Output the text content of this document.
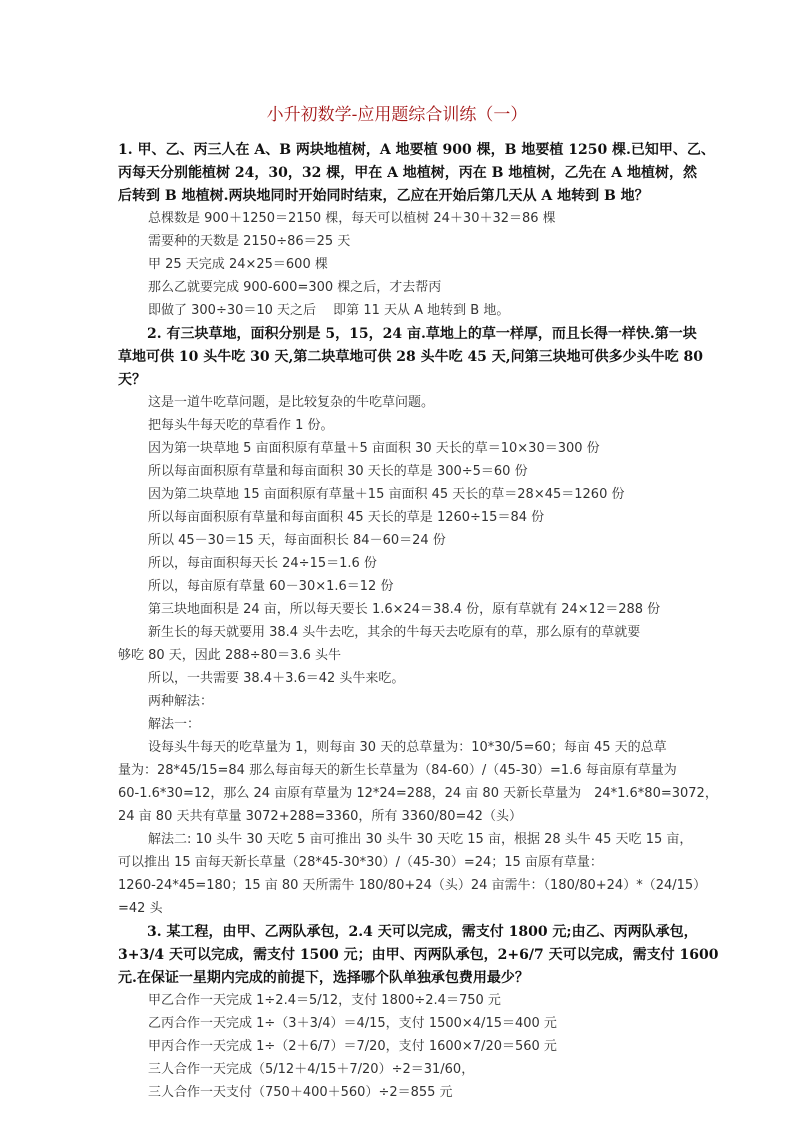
小升初数学-应用题综合训练（一）
1. 甲、乙、丙三人在 A、B 两块地植树，A 地要植 900 棵，B 地要植 1250 棵.已知甲、乙、
丙每天分别能植树 24，30，32 棵，甲在 A 地植树，丙在 B 地植树，乙先在 A 地植树，然
后转到 B 地植树.两块地同时开始同时结束，乙应在开始后第几天从 A 地转到 B 地？
总棵数是 900＋1250＝2150 棵，每天可以植树 24＋30＋32＝86 棵
需要种的天数是 2150÷86＝25 天
甲 25 天完成 24×25＝600 棵
那么乙就要完成 900-600=300 棵之后，才去帮丙
即做了 300÷30＝10 天之后　 即第 11 天从 A 地转到 B 地。
2. 有三块草地，面积分别是 5，15，24 亩.草地上的草一样厚，而且长得一样快.第一块
草地可供 10 头牛吃 30 天,第二块草地可供 28 头牛吃 45 天,问第三块地可供多少头牛吃 80
天？
这是一道牛吃草问题，是比较复杂的牛吃草问题。
把每头牛每天吃的草看作 1 份。
因为第一块草地 5 亩面积原有草量＋5 亩面积 30 天长的草＝10×30＝300 份
所以每亩面积原有草量和每亩面积 30 天长的草是 300÷5＝60 份
因为第二块草地 15 亩面积原有草量＋15 亩面积 45 天长的草＝28×45＝1260 份
所以每亩面积原有草量和每亩面积 45 天长的草是 1260÷15＝84 份
所以 45－30＝15 天，每亩面积长 84－60＝24 份
所以，每亩面积每天长 24÷15＝1.6 份
所以，每亩原有草量 60－30×1.6＝12 份
第三块地面积是 24 亩，所以每天要长 1.6×24＝38.4 份，原有草就有 24×12＝288 份
新生长的每天就要用 38.4 头牛去吃，其余的牛每天去吃原有的草，那么原有的草就要
够吃 80 天，因此 288÷80＝3.6 头牛
所以，一共需要 38.4＋3.6＝42 头牛来吃。
两种解法：
解法一：
设每头牛每天的吃草量为 1，则每亩 30 天的总草量为：10*30/5=60；每亩 45 天的总草
量为：28*45/15=84 那么每亩每天的新生长草量为（84-60）/（45-30）=1.6 每亩原有草量为
60-1.6*30=12，那么 24 亩原有草量为 12*24=288，24 亩 80 天新长草量为　24*1.6*80=3072，
24 亩 80 天共有草量 3072+288=3360，所有 3360/80=42（头）
解法二: 10 头牛 30 天吃 5 亩可推出 30 头牛 30 天吃 15 亩，根据 28 头牛 45 天吃 15 亩，
可以推出 15 亩每天新长草量（28*45-30*30）/（45-30）=24；15 亩原有草量：
1260-24*45=180；15 亩 80 天所需牛 180/80+24（头）24 亩需牛：（180/80+24）*（24/15）
=42 头
3. 某工程，由甲、乙两队承包，2.4 天可以完成，需支付 1800 元;由乙、丙两队承包，
3+3/4 天可以完成，需支付 1500 元；由甲、丙两队承包，2+6/7 天可以完成，需支付 1600
元.在保证一星期内完成的前提下，选择哪个队单独承包费用最少？
甲乙合作一天完成 1÷2.4＝5/12，支付 1800÷2.4＝750 元
乙丙合作一天完成 1÷（3＋3/4）＝4/15，支付 1500×4/15＝400 元
甲丙合作一天完成 1÷（2＋6/7）＝7/20，支付 1600×7/20＝560 元
三人合作一天完成（5/12＋4/15＋7/20）÷2＝31/60，
三人合作一天支付（750＋400＋560）÷2＝855 元
